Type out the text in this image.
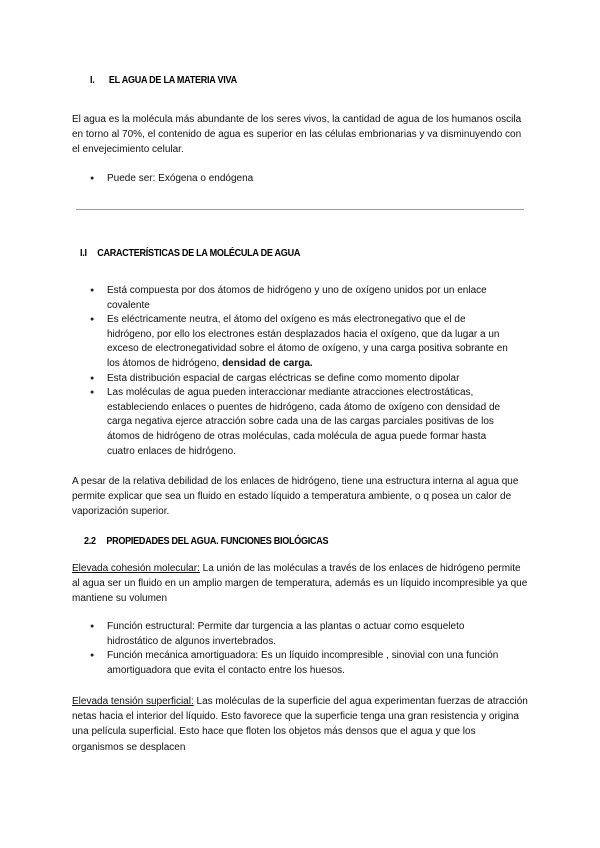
I. EL AGUA DE LA MATERIA VIVA

El agua es la molécula más abundante de los seres vivos, la cantidad de agua de los humanos oscila en torno al 70%, el contenido de agua es superior en las células embrionarias y va disminuyendo con el envejecimiento celular.

● Puede ser: Exógena o endógena
I.I CARACTERÍSTICAS DE LA MOLÉCULA DE AGUA
● Está compuesta por dos átomos de hidrógeno y uno de oxígeno unidos por un enlace covalente
● Es eléctricamente neutra, el átomo del oxígeno es más electronegativo que el de hidrógeno, por ello los electrones están desplazados hacia el oxígeno, que da lugar a un exceso de electronegatividad sobre el átomo de oxígeno, y una carga positiva sobrante en los átomos de hidrógeno, densidad de carga.
● Esta distribución espacial de cargas eléctricas se define como momento dipolar
● Las moléculas de agua pueden interaccionar mediante atracciones electrostáticas, estableciendo enlaces o puentes de hidrógeno, cada átomo de oxígeno con densidad de carga negativa ejerce atracción sobre cada una de las cargas parciales positivas de los átomos de hidrógeno de otras moléculas, cada molécula de agua puede formar hasta cuatro enlaces de hidrógeno.

A pesar de la relativa debilidad de los enlaces de hidrógeno, tiene una estructura interna al agua que permite explicar que sea un fluido en estado líquido a temperatura ambiente, o q posea un calor de vaporización superior.

2.2 PROPIEDADES DEL AGUA. FUNCIONES BIOLÓGICAS

Elevada cohesión molecular: La unión de las moléculas a través de los enlaces de hidrógeno permite al agua ser un fluido en un amplio margen de temperatura, además es un líquido incompresible ya que mantiene su volumen

● Función estructural: Permite dar turgencia a las plantas o actuar como esqueleto hidrostático de algunos invertebrados.
● Función mecánica amortiguadora: Es un líquido incompresible , sinovial con una función amortiguadora que evita el contacto entre los huesos.

Elevada tensión superficial: Las moléculas de la superficie del agua experimentan fuerzas de atracción netas hacia el interior del líquido. Esto favorece que la superficie tenga una gran resistencia y origina una película superficial. Esto hace que floten los objetos más densos que el agua y que los organismos se desplacen
